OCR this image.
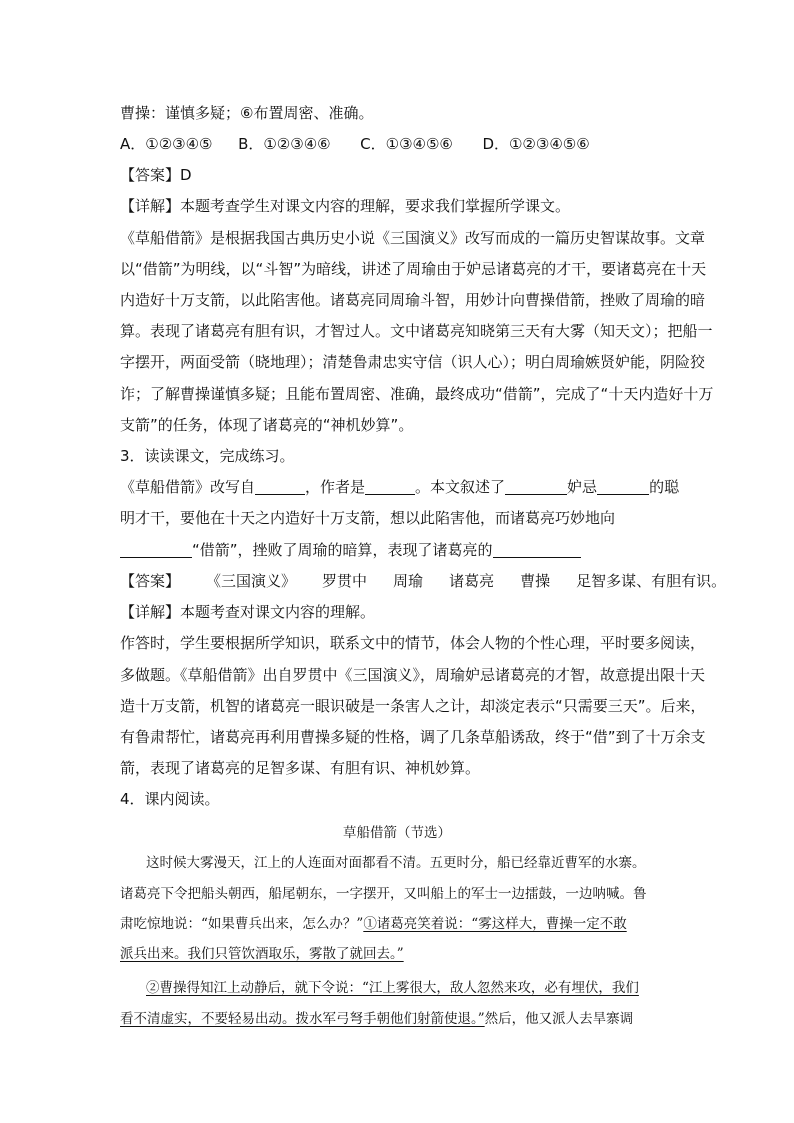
曹操：谨慎多疑；⑥布置周密、准确。
A．①②③④⑤ B．①②③④⑥ C．①③④⑤⑥ D．①②③④⑤⑥
【答案】D
【详解】本题考查学生对课文内容的理解，要求我们掌握所学课文。
《草船借箭》是根据我国古典历史小说《三国演义》改写而成的一篇历史智谋故事。文章
以“借箭”为明线，以“斗智”为暗线，讲述了周瑜由于妒忌诸葛亮的才干，要诸葛亮在十天
内造好十万支箭，以此陷害他。诸葛亮同周瑜斗智，用妙计向曹操借箭，挫败了周瑜的暗
算。表现了诸葛亮有胆有识，才智过人。文中诸葛亮知晓第三天有大雾（知天文）；把船一
字摆开，两面受箭（晓地理）；清楚鲁肃忠实守信（识人心）；明白周瑜嫉贤妒能，阴险狡
诈；了解曹操谨慎多疑；且能布置周密、准确，最终成功“借箭”，完成了“十天内造好十万
支箭”的任务，体现了诸葛亮的“神机妙算”。
3．读读课文，完成练习。
《草船借箭》改写自	，作者是	。本文叙述了	妒忌	的聪
明才干，要他在十天之内造好十万支箭，想以此陷害他，而诸葛亮巧妙地向
“借箭”，挫败了周瑜的暗算，表现了诸葛亮的
【答案】 《三国演义》 罗贯中 周瑜 诸葛亮 曹操 足智多谋、有胆有识。
【详解】本题考查对课文内容的理解。
作答时，学生要根据所学知识，联系文中的情节，体会人物的个性心理，平时要多阅读，
多做题。《草船借箭》出自罗贯中《三国演义》，周瑜妒忌诸葛亮的才智，故意提出限十天
造十万支箭，机智的诸葛亮一眼识破是一条害人之计，却淡定表示“只需要三天”。后来，
有鲁肃帮忙，诸葛亮再利用曹操多疑的性格，调了几条草船诱敌，终于“借”到了十万余支
箭，表现了诸葛亮的足智多谋、有胆有识、神机妙算。
4．课内阅读。
草船借箭（节选）
这时候大雾漫天，江上的人连面对面都看不清。五更时分，船已经靠近曹军的水寨。
诸葛亮下令把船头朝西，船尾朝东，一字摆开，又叫船上的军士一边擂鼓，一边呐喊。鲁
肃吃惊地说：“如果曹兵出来，怎么办？”①诸葛亮笑着说：“雾这样大，曹操一定不敢
派兵出来。我们只管饮酒取乐，雾散了就回去。”
②曹操得知江上动静后，就下令说：“江上雾很大，敌人忽然来攻，必有埋伏，我们
看不清虚实，不要轻易出动。拨水军弓弩手朝他们射箭使退。”然后，他又派人去旱寨调
